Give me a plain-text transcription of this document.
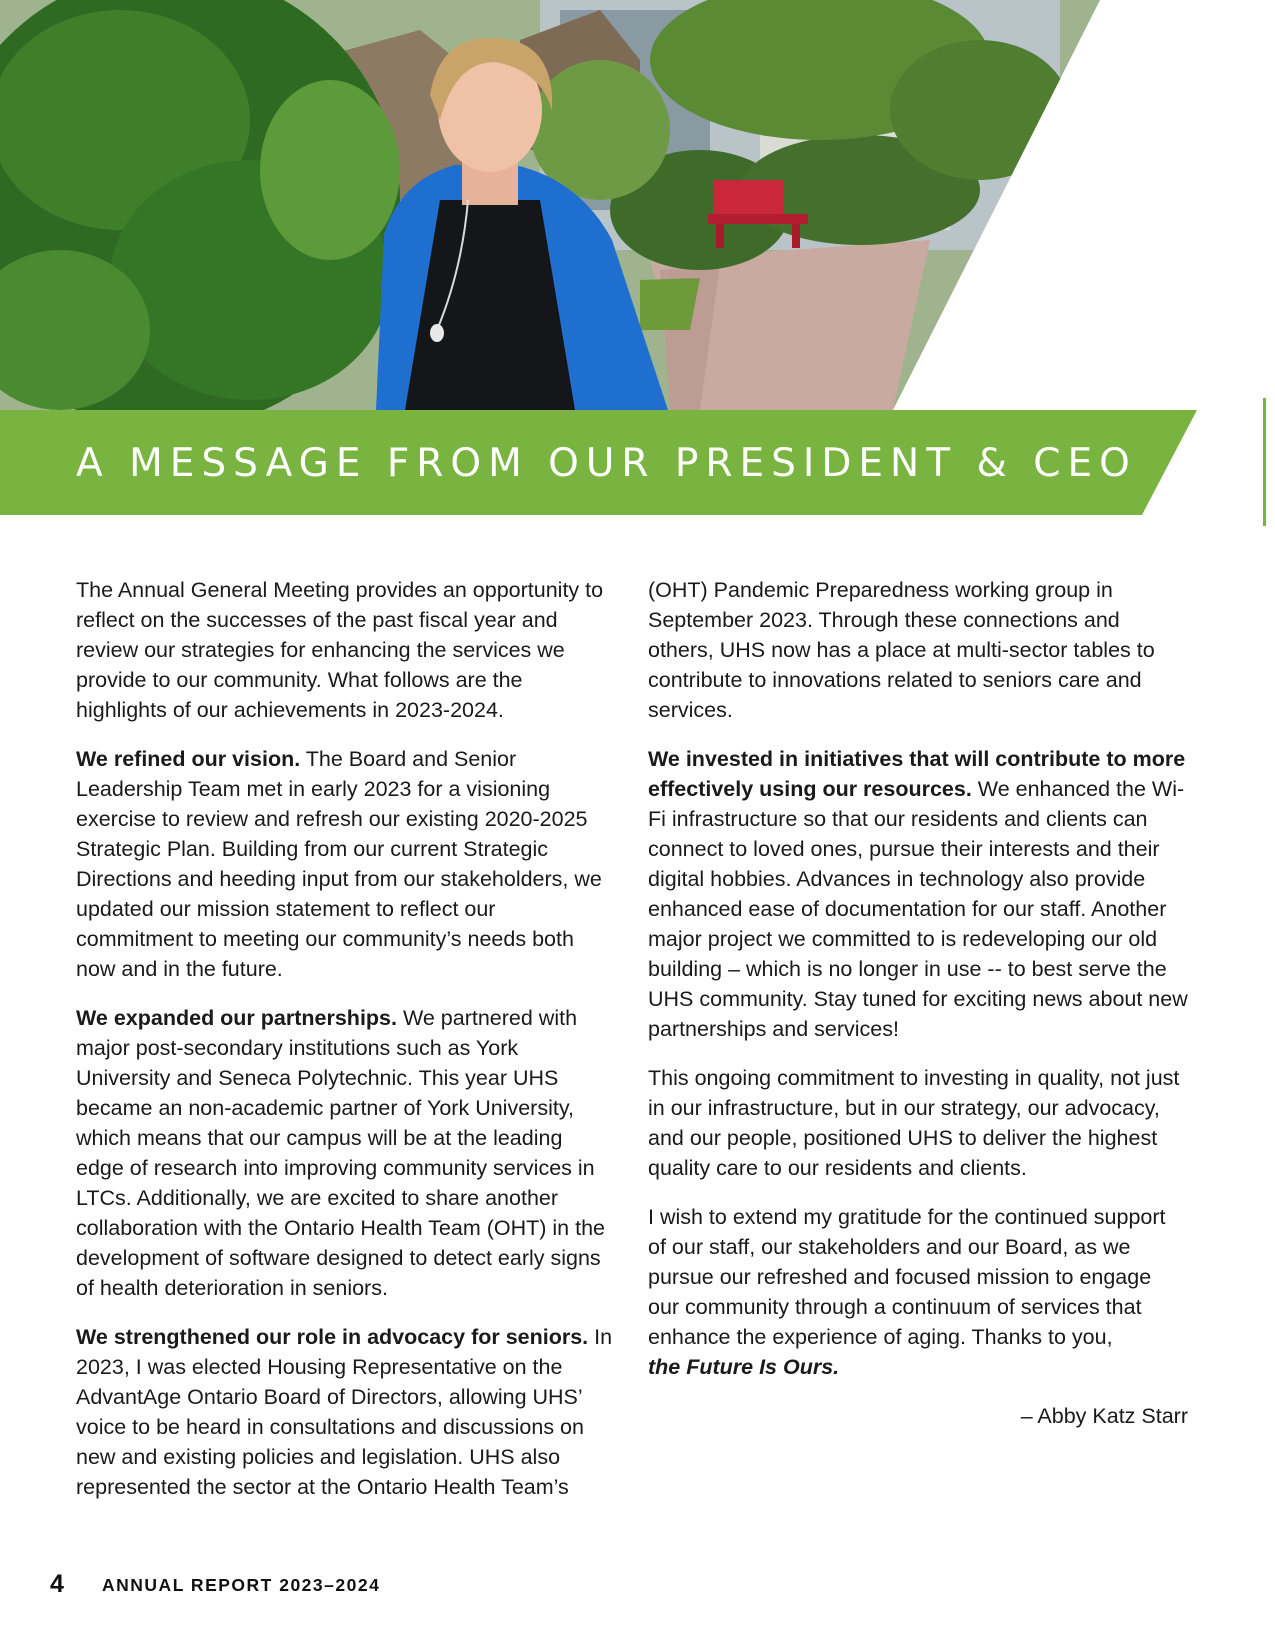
A MESSAGE FROM OUR PRESIDENT & CEO

The Annual General Meeting provides an opportunity to reflect on the successes of the past fiscal year and review our strategies for enhancing the services we provide to our community. What follows are the highlights of our achievements in 2023-2024.

We refined our vision. The Board and Senior Leadership Team met in early 2023 for a visioning exercise to review and refresh our existing 2020-2025 Strategic Plan. Building from our current Strategic Directions and heeding input from our stakeholders, we updated our mission statement to reflect our commitment to meeting our community’s needs both now and in the future.

We expanded our partnerships. We partnered with major post-secondary institutions such as York University and Seneca Polytechnic. This year UHS became an non-academic partner of York University, which means that our campus will be at the leading edge of research into improving community services in LTCs. Additionally, we are excited to share another collaboration with the Ontario Health Team (OHT) in the development of software designed to detect early signs of health deterioration in seniors.

We strengthened our role in advocacy for seniors. In 2023, I was elected Housing Representative on the AdvantAge Ontario Board of Directors, allowing UHS’ voice to be heard in consultations and discussions on new and existing policies and legislation. UHS also represented the sector at the Ontario Health Team’s

(OHT) Pandemic Preparedness working group in September 2023. Through these connections and others, UHS now has a place at multi-sector tables to contribute to innovations related to seniors care and services.

We invested in initiatives that will contribute to more effectively using our resources. We enhanced the Wi-Fi infrastructure so that our residents and clients can connect to loved ones, pursue their interests and their digital hobbies. Advances in technology also provide enhanced ease of documentation for our staff. Another major project we committed to is redeveloping our old building – which is no longer in use -- to best serve the UHS community. Stay tuned for exciting news about new partnerships and services!

This ongoing commitment to investing in quality, not just in our infrastructure, but in our strategy, our advocacy, and our people, positioned UHS to deliver the highest quality care to our residents and clients.

I wish to extend my gratitude for the continued support of our staff, our stakeholders and our Board, as we pursue our refreshed and focused mission to engage our community through a continuum of services that enhance the experience of aging. Thanks to you,
the Future Is Ours.

– Abby Katz Starr

4 ANNUAL REPORT 2023–2024
